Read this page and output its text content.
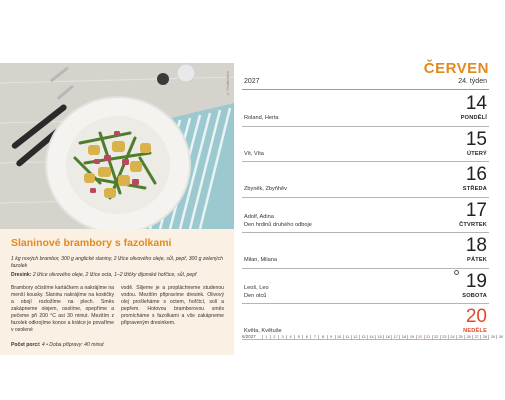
© Shutterstock
Slaninové brambory s fazolkami
1 kg nových brambor, 300 g anglické slaniny, 2 lžíce olivového oleje, sůl, pepř, 300 g zelených fazolek
Dresink: 2 lžíce olivového oleje, 2 lžíce octa, 1–2 lžičky dijonské hořčice, sůl, pepř
Brambory očistíme kartáčkem a nakrájíme na menší kousky. Slaninu nakrájíme na kostičky a obojí rozložíme na plech. Směs zakápneme olejem, osolíme, opepříme a pečeme při 200 °C asi 30 minut. Mezitím z fazolek odkrojíme konce a krátce je povaříme v osolené
vodě. Slijeme je a propláchneme studenou vodou. Mezitím připravíme dresink. Olivový olej prošleháme s octem, hořčicí, solí a pepřem. Hotovou bramborovou směs promícháme s fazolkami a vše zakápneme připraveným dresinkem.
Počet porcí: 4 • Doba přípravy: 40 minut
ČERVEN
2027	24. týden
14
PONDĚLÍ
Roland, Herta
15
ÚTERÝ
Vít, Víta
16
STŘEDA
Zbyněk, Zbyňhěv
17
ČTVRTEK
Adolf, Adina
Den hrdinů druhého odboje
18
PÁTEK
Milan, Milana
19
SOBOTA
Leoš, Leo
Den otců
20
NEDĚLE
Květa, Květuše
6/2027	1	2	3	4	5	6	7	8	9	10	11	12	13	14	15	16	17	18	19	20	21	22	23	24	25	26	27	28	29	30
